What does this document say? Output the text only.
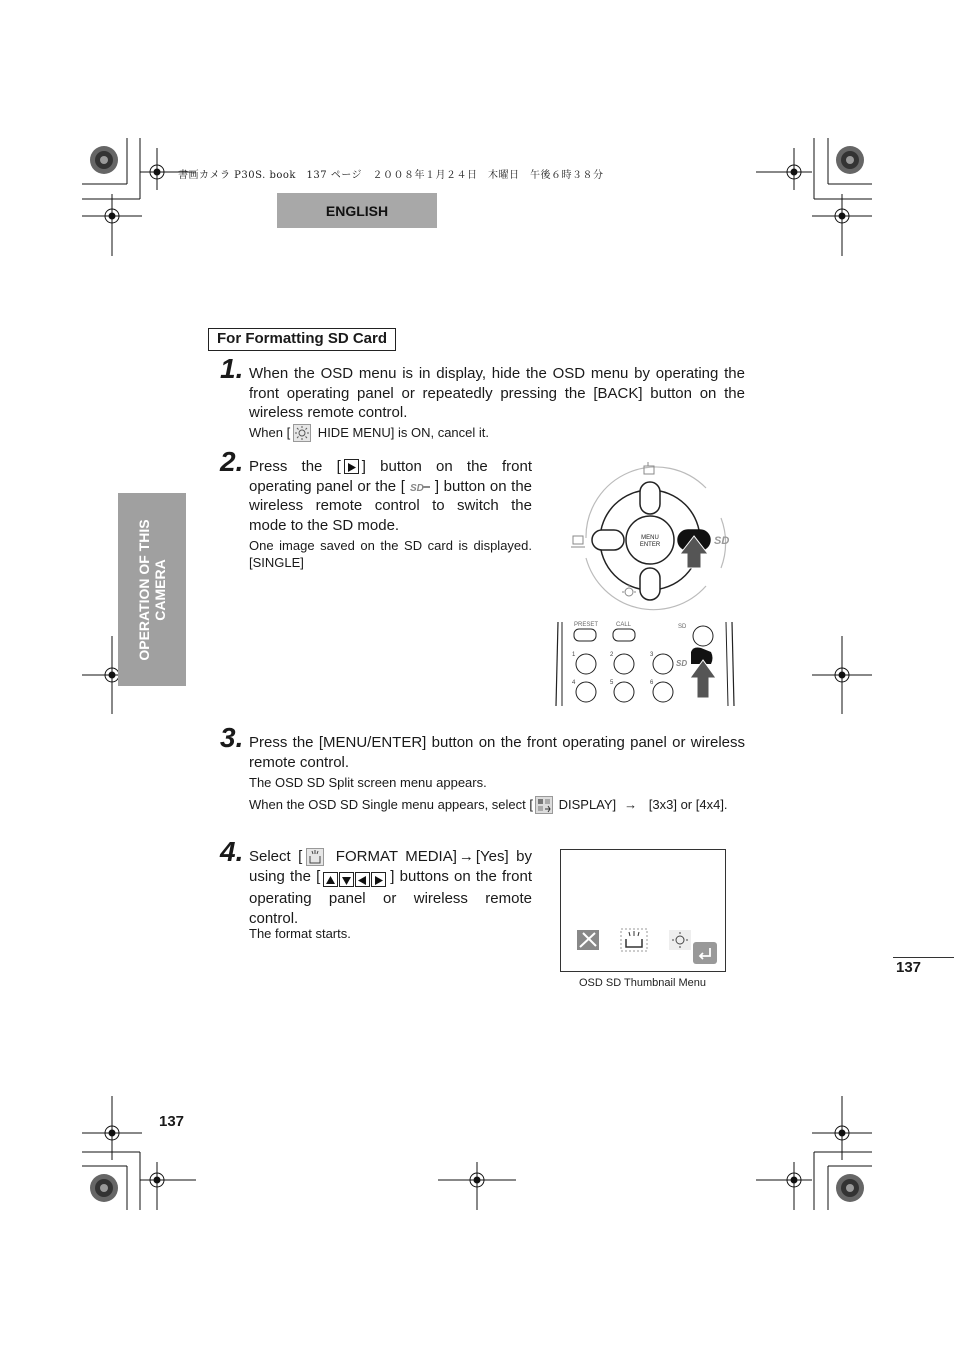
書画カメラ P30S. book　137 ページ　２００８年１月２４日　木曜日　午後６時３８分
ENGLISH
OPERATION OF THIS CAMERA
For Formatting SD Card
1. When the OSD menu is in display, hide the OSD menu by operating the front operating panel or repeatedly pressing the [BACK] button on the wireless remote control.
When [ HIDE MENU] is ON, cancel it.
2. Press the [ ] button on the front operating panel or the [ SD ] button on the wireless remote control to switch the mode to the SD mode.
One image saved on the SD card is displayed. [SINGLE]
MENU
ENTER	SD
PRESET	CALL	SD
1	2	3
4	5	6
SD
3. Press the [MENU/ENTER] button on the front operating panel or wireless remote control.
The OSD SD Split screen menu appears.
When the OSD SD Single menu appears, select [ DISPLAY] → [3x3] or [4x4].
4. Select [ FORMAT MEDIA] → [Yes] by using the [	] buttons on the front operating panel or wireless remote control.
The format starts.
OSD SD Thumbnail Menu
137
137
